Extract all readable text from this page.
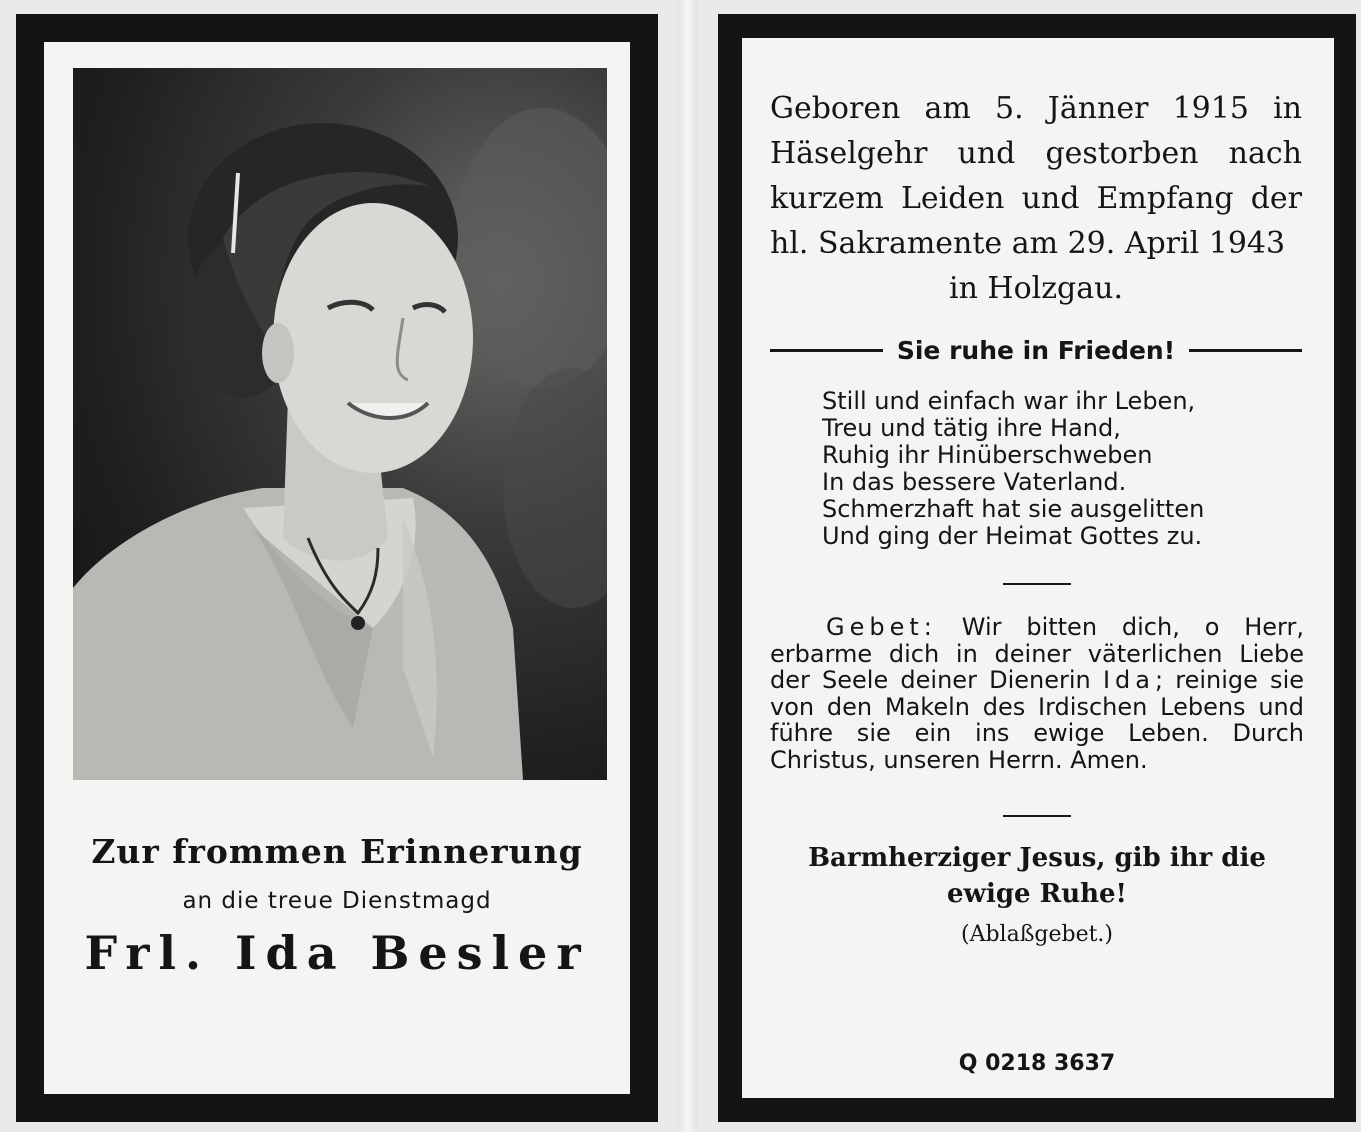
Zur frommen Erinnerung
an die treue Dienstmagd
Frl. Ida Besler
Geboren am 5. Jänner 1915 in Häselgehr und gestorben nach kurzem Leiden und Empfang der hl. Sakramente am 29. April 1943
in Holzgau.
Sie ruhe in Frieden!
Still und einfach war ihr Leben,
Treu und tätig ihre Hand,
Ruhig ihr Hinüberschweben
In das bessere Vaterland.
Schmerzhaft hat sie ausgelitten
Und ging der Heimat Gottes zu.
Gebet: Wir bitten dich, o Herr, erbarme dich in deiner väterlichen Liebe der Seele deiner Dienerin Ida; reinige sie von den Makeln des Irdischen Lebens und führe sie ein ins ewige Leben. Durch Christus, unseren Herrn. Amen.
Barmherziger Jesus, gib ihr die
ewige Ruhe!
(Ablaßgebet.)
Q 0218 3637
